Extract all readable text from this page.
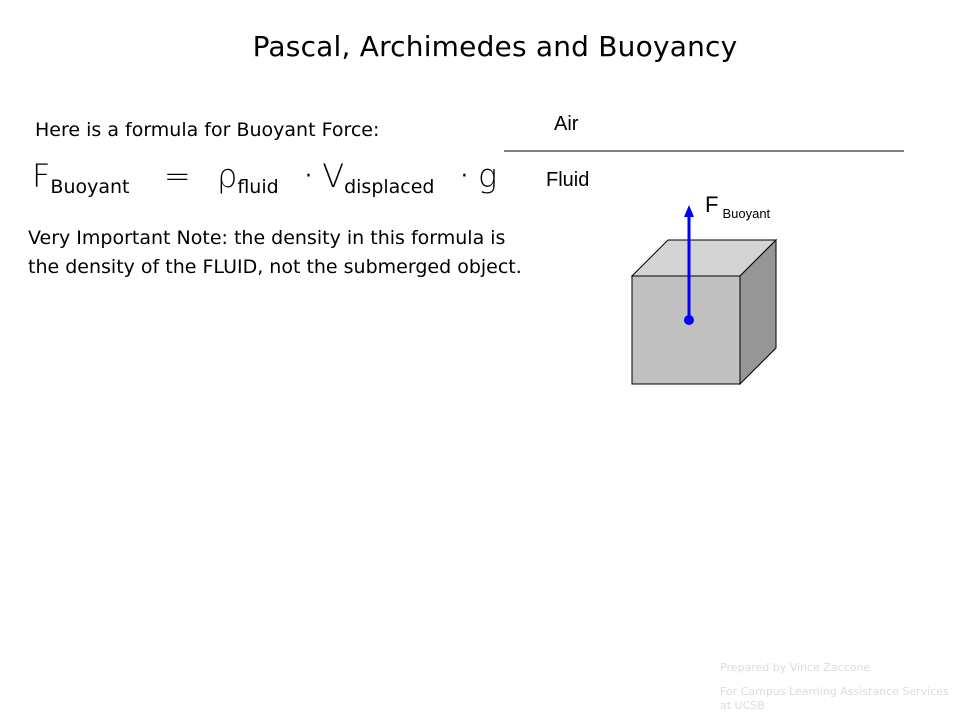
Pascal, Archimedes and Buoyancy
Here is a formula for Buoyant Force:
$F_{Buoyant} = \rho_{fluid} \cdot V_{displaced} \cdot g$
Very Important Note: the density in this formula is the density of the FLUID, not the submerged object.
Air
Fluid
F $_{Buoyant}$
Prepared by Vince Zaccone
For Campus Learning Assistance Services at UCSB
